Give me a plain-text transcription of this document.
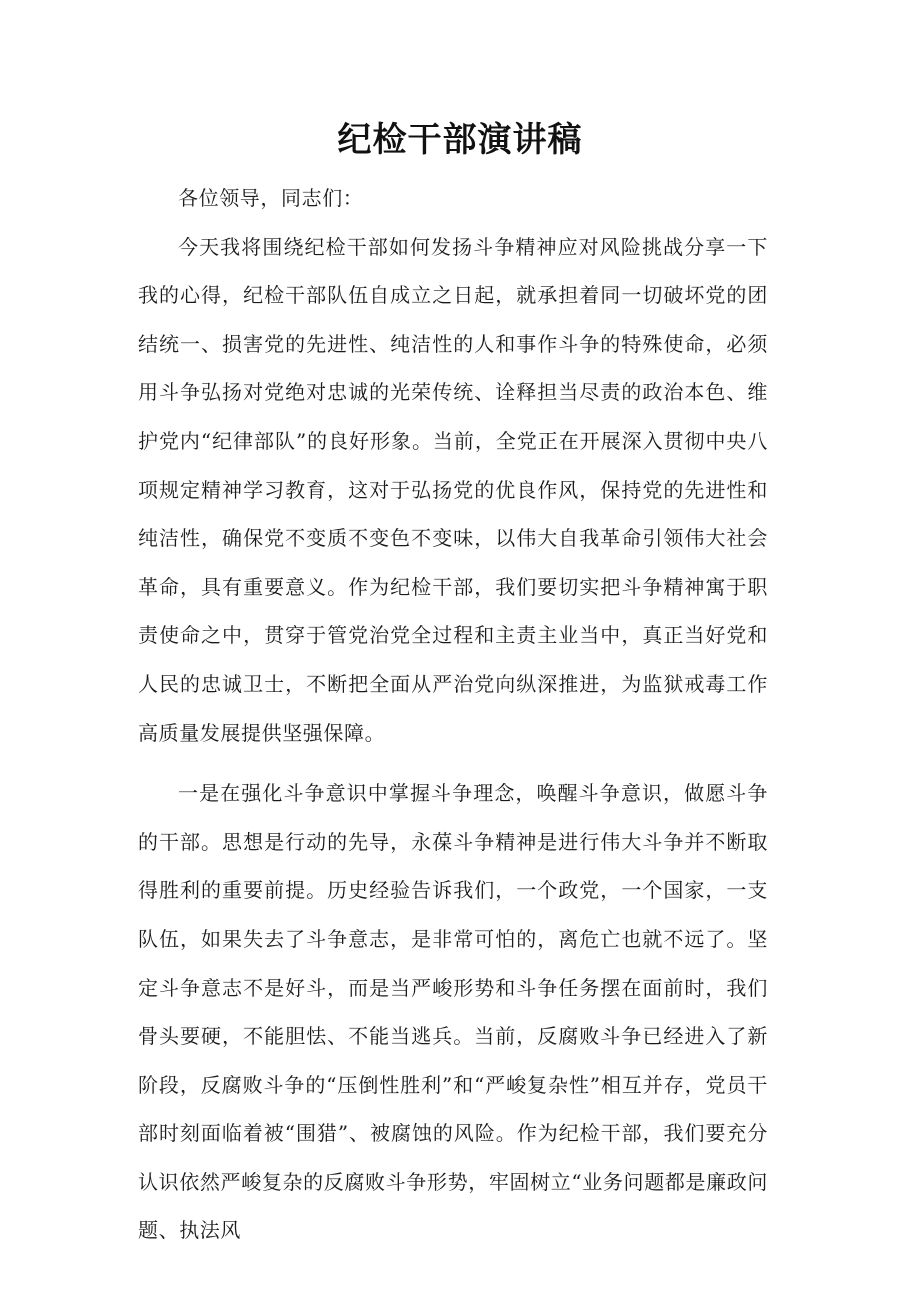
纪检干部演讲稿

各位领导，同志们：

今天我将围绕纪检干部如何发扬斗争精神应对风险挑战分享一下我的心得，纪检干部队伍自成立之日起，就承担着同一切破坏党的团结统一、损害党的先进性、纯洁性的人和事作斗争的特殊使命，必须用斗争弘扬对党绝对忠诚的光荣传统、诠释担当尽责的政治本色、维护党内“纪律部队”的良好形象。当前，全党正在开展深入贯彻中央八项规定精神学习教育，这对于弘扬党的优良作风，保持党的先进性和纯洁性，确保党不变质不变色不变味，以伟大自我革命引领伟大社会革命，具有重要意义。作为纪检干部，我们要切实把斗争精神寓于职责使命之中，贯穿于管党治党全过程和主责主业当中，真正当好党和人民的忠诚卫士，不断把全面从严治党向纵深推进，为监狱戒毒工作高质量发展提供坚强保障。

一是在强化斗争意识中掌握斗争理念，唤醒斗争意识，做愿斗争的干部。思想是行动的先导，永葆斗争精神是进行伟大斗争并不断取得胜利的重要前提。历史经验告诉我们，一个政党，一个国家，一支队伍，如果失去了斗争意志，是非常可怕的，离危亡也就不远了。坚定斗争意志不是好斗，而是当严峻形势和斗争任务摆在面前时，我们骨头要硬，不能胆怯、不能当逃兵。当前，反腐败斗争已经进入了新阶段，反腐败斗争的“压倒性胜利”和“严峻复杂性”相互并存，党员干部时刻面临着被“围猎”、被腐蚀的风险。作为纪检干部，我们要充分认识依然严峻复杂的反腐败斗争形势，牢固树立“业务问题都是廉政问题、执法风
